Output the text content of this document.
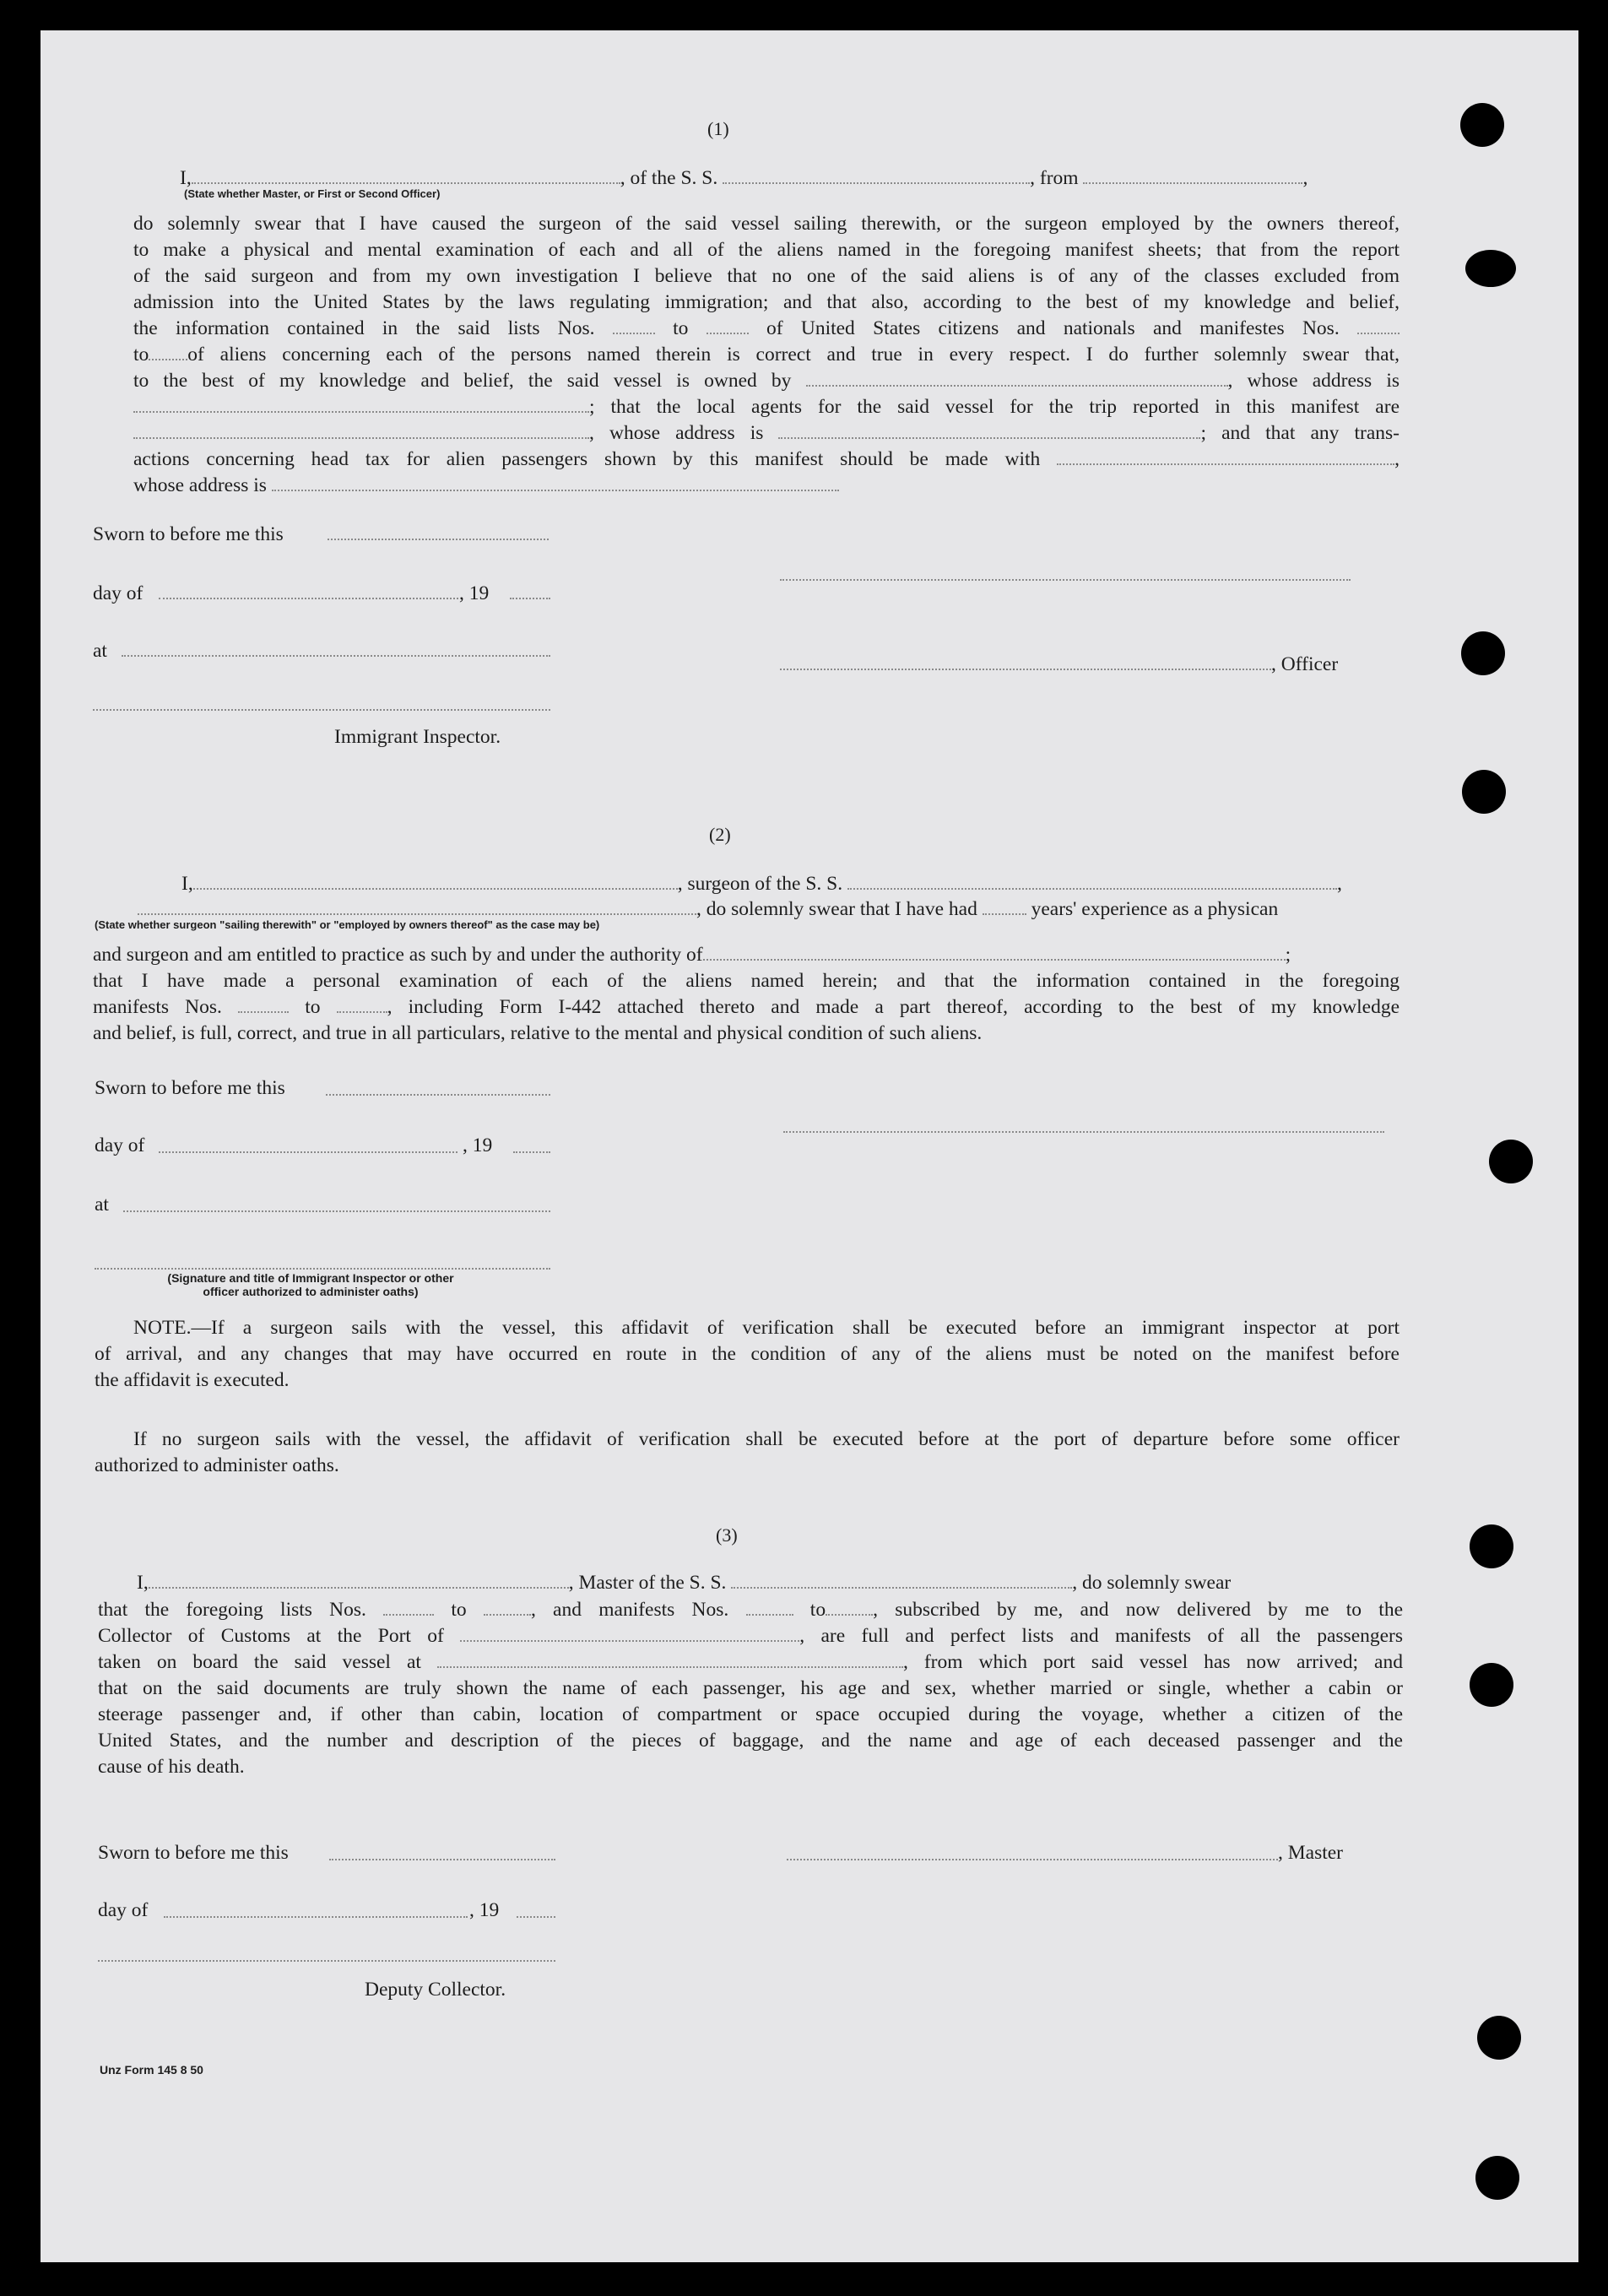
(1)
I,	, of the S. S.	, from	,
(State whether Master, or First or Second Officer)
do solemnly swear that I have caused the surgeon of the said vessel sailing therewith, or the surgeon employed by the owners thereof,
to make a physical and mental examination of each and all of the aliens named in the foregoing manifest sheets; that from the report
of the said surgeon and from my own investigation I believe that no one of the said aliens is of any of the classes excluded from
admission into the United States by the laws regulating immigration; and that also, according to the best of my knowledge and belief,
the information contained in the said lists Nos.	to	of United States citizens and nationals and manifestes Nos.
to of aliens concerning each of the persons named therein is correct and true in every respect. I do further solemnly swear that,
to the best of my knowledge and belief, the said vessel is owned by	, whose address is
; that the local agents for the said vessel for the trip reported in this manifest are
, whose address is	; and that any trans-
actions concerning head tax for alien passengers shown by this manifest should be made with	,
whose address is
Sworn to before me this
day of	, 19
at
, Officer
Immigrant Inspector.
(2)
I,	, surgeon of the S. S.	,
, do solemnly swear that I have had	years' experience as a physican
(State whether surgeon "sailing therewith" or "employed by owners thereof" as the case may be)
and surgeon and am entitled to practice as such by and under the authority of	;
that I have made a personal examination of each of the aliens named herein; and that the information contained in the foregoing
manifests Nos.	to	, including Form I-442 attached thereto and made a part thereof, according to the best of my knowledge
and belief, is full, correct, and true in all particulars, relative to the mental and physical condition of such aliens.
Sworn to before me this
day of	, 19
at
(Signature and title of Immigrant Inspector or other
officer authorized to administer oaths)
NOTE.—If a surgeon sails with the vessel, this affidavit of verification shall be executed before an immigrant inspector at port
of arrival, and any changes that may have occurred en route in the condition of any of the aliens must be noted on the manifest before
the affidavit is executed.
If no surgeon sails with the vessel, the affidavit of verification shall be executed before at the port of departure before some officer
authorized to administer oaths.
(3)
I,	, Master of the S. S.	, do solemnly swear
that the foregoing lists Nos.	to	, and manifests Nos.	to , subscribed by me, and now delivered by me to the
Collector of Customs at the Port of	, are full and perfect lists and manifests of all the passengers
taken on board the said vessel at	, from which port said vessel has now arrived; and
that on the said documents are truly shown the name of each passenger, his age and sex, whether married or single, whether a cabin or
steerage passenger and, if other than cabin, location of compartment or space occupied during the voyage, whether a citizen of the
United States, and the number and description of the pieces of baggage, and the name and age of each deceased passenger and the
cause of his death.
Sworn to before me this	, Master
day of	, 19
Deputy Collector.
Unz Form 145 8 50
